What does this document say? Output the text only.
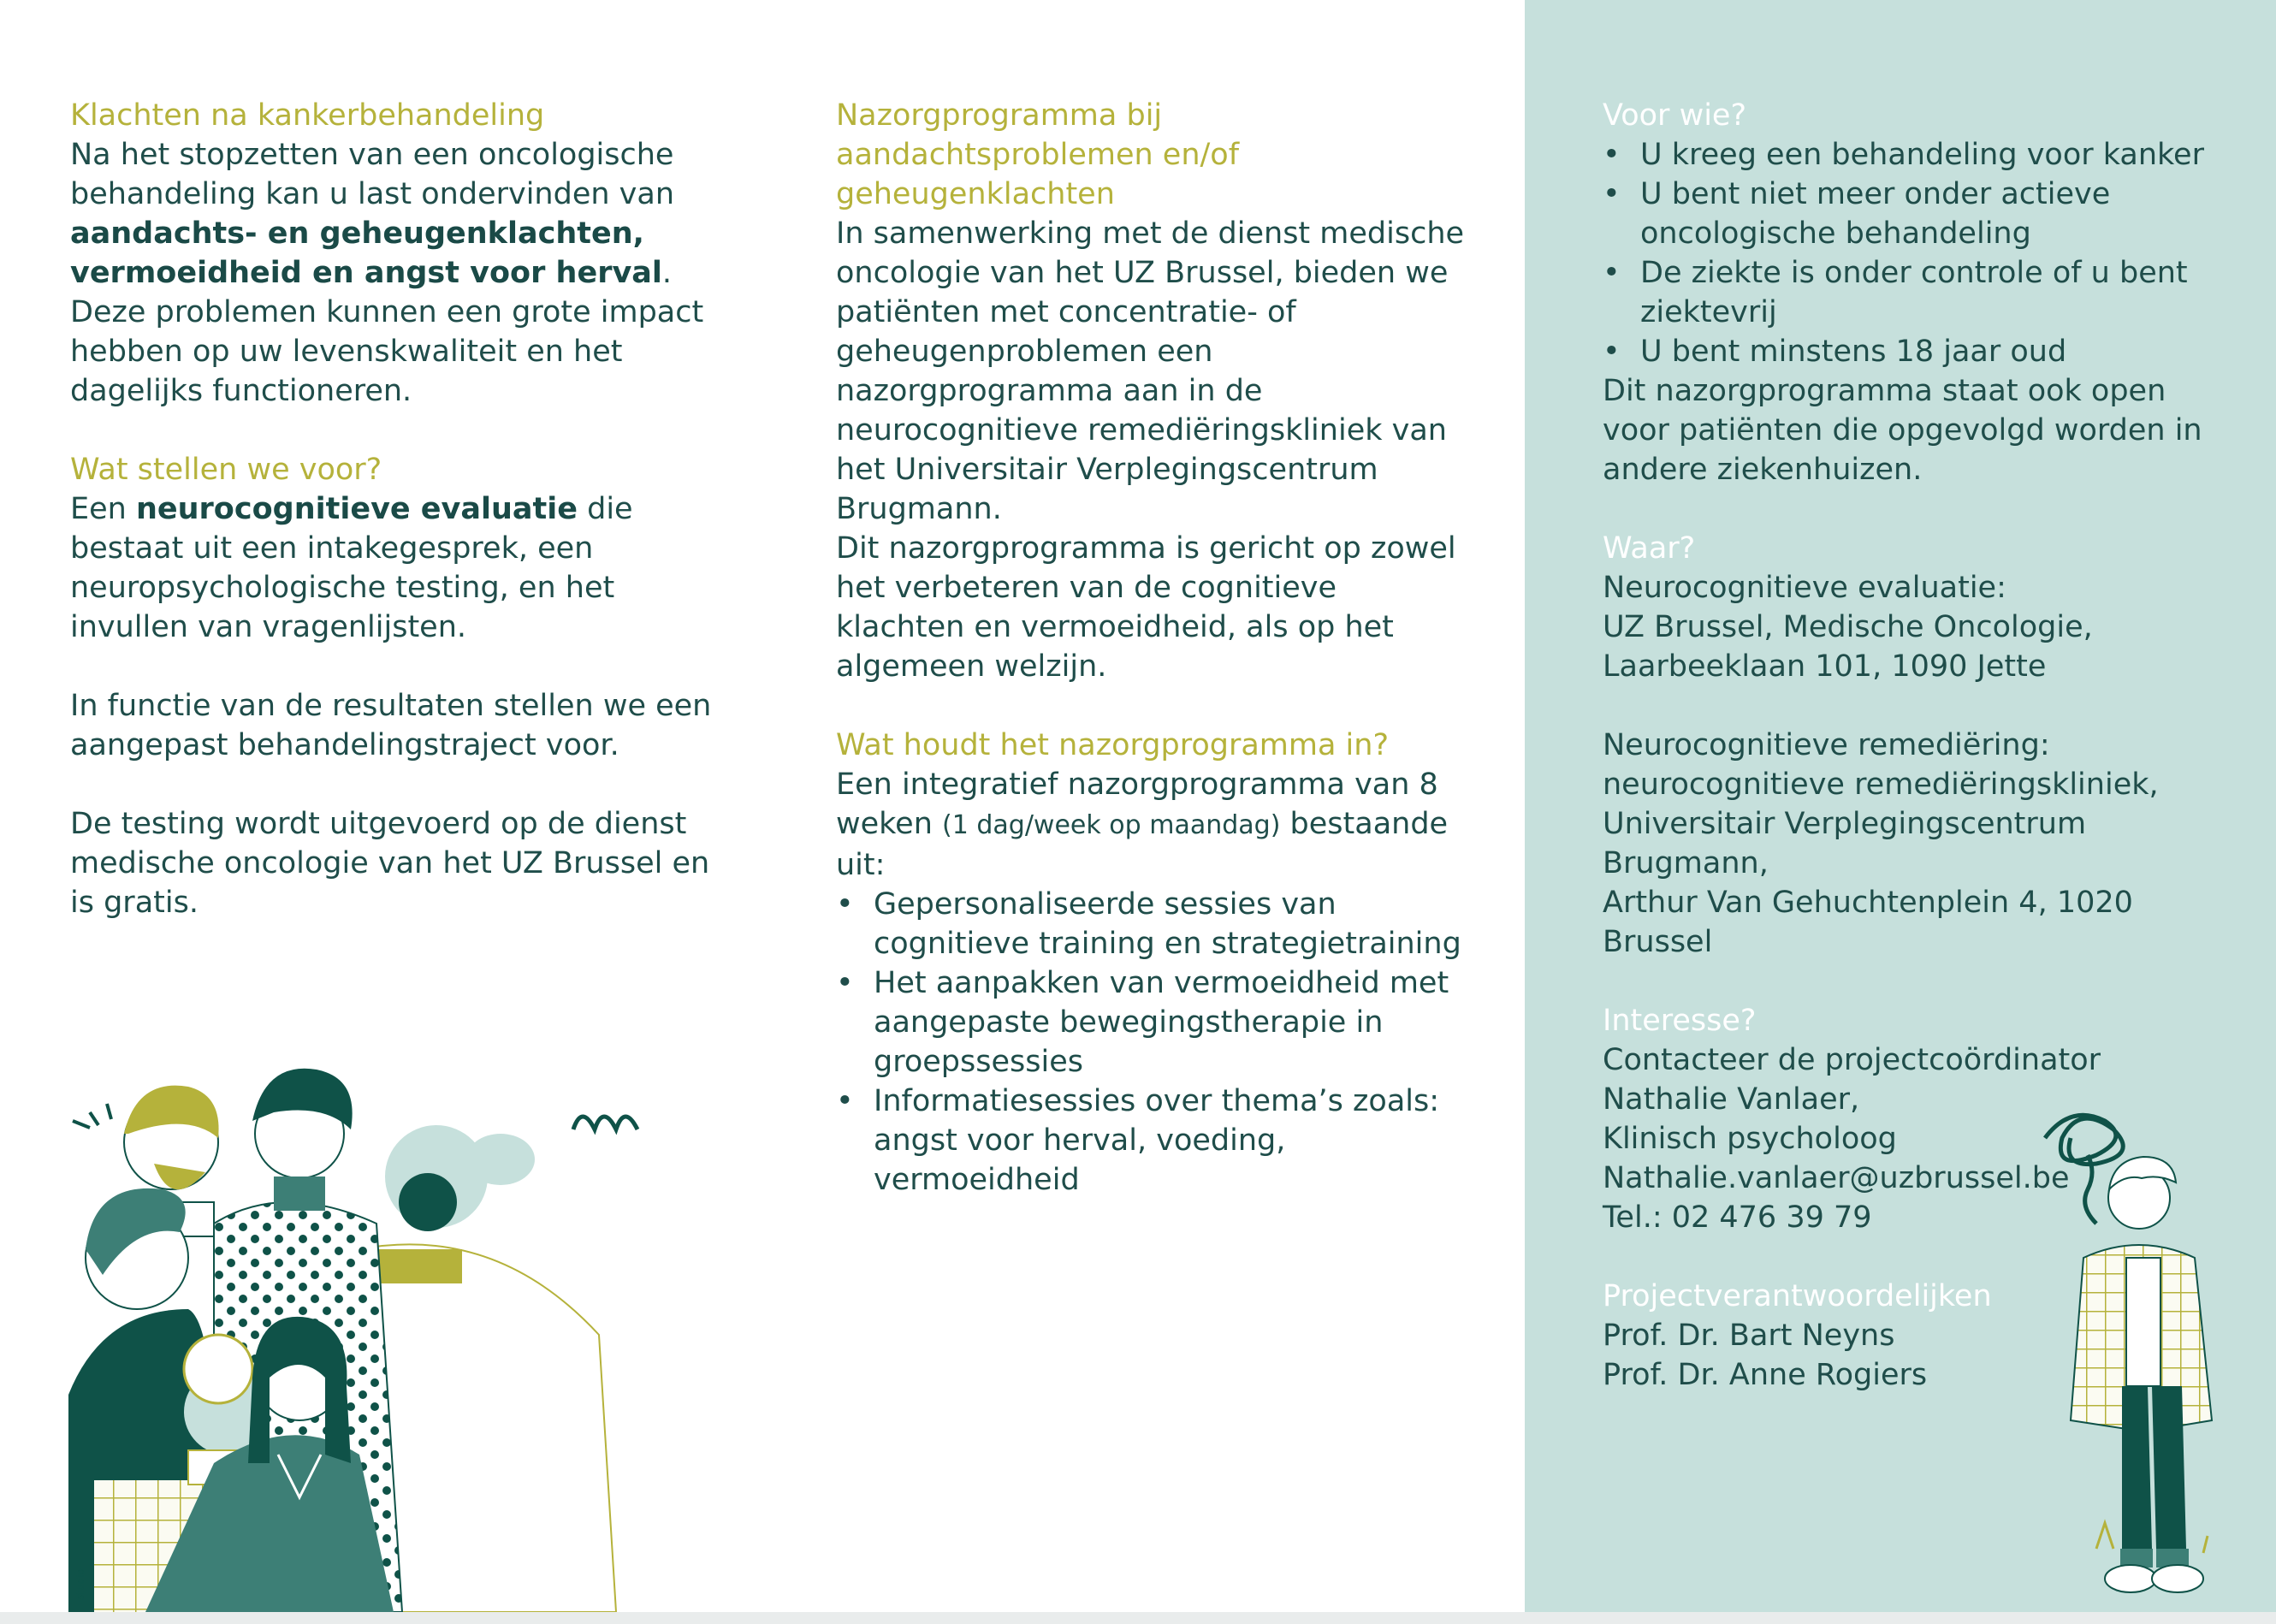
Klachten na kankerbehandeling

Na het stopzetten van een oncologische behandeling kan u last ondervinden van aandachts- en geheugenklachten, vermoeidheid en angst voor herval.
Deze problemen kunnen een grote impact hebben op uw levenskwaliteit en het dagelijks functioneren.

Wat stellen we voor?

Een neurocognitieve evaluatie die bestaat uit een intakegesprek, een neuropsychologische testing, en het invullen van vragenlijsten.

In functie van de resultaten stellen we een aangepast behandelingstraject voor.

De testing wordt uitgevoerd op de dienst medische oncologie van het UZ Brussel en is gratis.

Nazorgprogramma bij aandachtsproblemen en/of geheugenklachten

In samenwerking met de dienst medische oncologie van het UZ Brussel, bieden we patiënten met concentratie- of geheugenproblemen een nazorgprogramma aan in de neurocognitieve remediëringskliniek van het Universitair Verplegingscentrum Brugmann.

Dit nazorgprogramma is gericht op zowel het verbeteren van de cognitieve klachten en vermoeidheid, als op het algemeen welzijn.

Wat houdt het nazorgprogramma in?

Een integratief nazorgprogramma van 8 weken (1 dag/week op maandag) bestaande uit:

• Gepersonaliseerde sessies van cognitieve training en strategietraining
• Het aanpakken van vermoeidheid met aangepaste bewegingstherapie in groepssessies
• Informatiesessies over thema’s zoals: angst voor herval, voeding, vermoeidheid

Voor wie?

• U kreeg een behandeling voor kanker
• U bent niet meer onder actieve oncologische behandeling
• De ziekte is onder controle of u bent ziektevrij
• U bent minstens 18 jaar oud

Dit nazorgprogramma staat ook open voor patiënten die opgevolgd worden in andere ziekenhuizen.

Waar?

Neurocognitieve evaluatie:

UZ Brussel, Medische Oncologie,

Laarbeeklaan 101, 1090 Jette

Neurocognitieve remediëring:

neurocognitieve remediëringskliniek,

Universitair Verplegingscentrum Brugmann,

Arthur Van Gehuchtenplein 4, 1020 Brussel

Interesse?

Contacteer de projectcoördinator

Nathalie Vanlaer,

Klinisch psycholoog

Nathalie.vanlaer@uzbrussel.be

Tel.: 02 476 39 79

Projectverantwoordelijken

Prof. Dr. Bart Neyns

Prof. Dr. Anne Rogiers

studio
